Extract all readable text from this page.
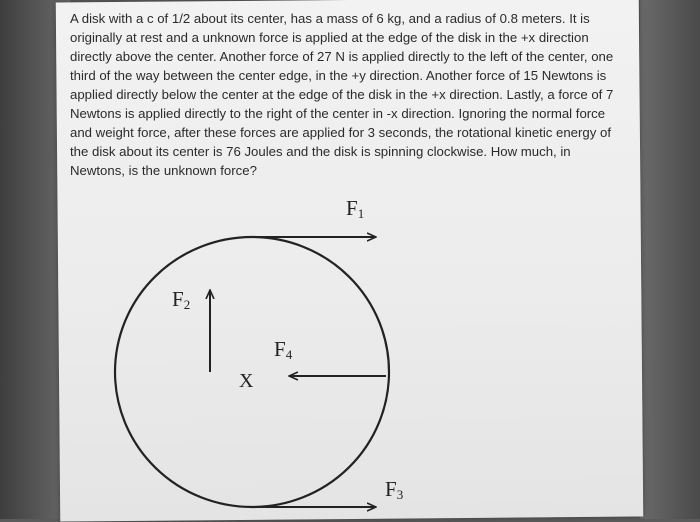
A disk with a c of 1/2 about its center, has a mass of 6 kg, and a radius of 0.8 meters. It is originally at rest and a unknown force is applied at the edge of the disk in the +x direction directly above the center. Another force of 27 N is applied directly to the left of the center, one third of the way between the center edge, in the +y direction. Another force of 15 Newtons is applied directly below the center at the edge of the disk in the +x direction. Lastly, a force of 7 Newtons is applied directly to the right of the center in -x direction. Ignoring the normal force and weight force, after these forces are applied for 3 seconds, the rotational kinetic energy of the disk about its center is 76 Joules and the disk is spinning clockwise. How much, in Newtons, is the unknown force?

F1
F2
F4
F3
X
